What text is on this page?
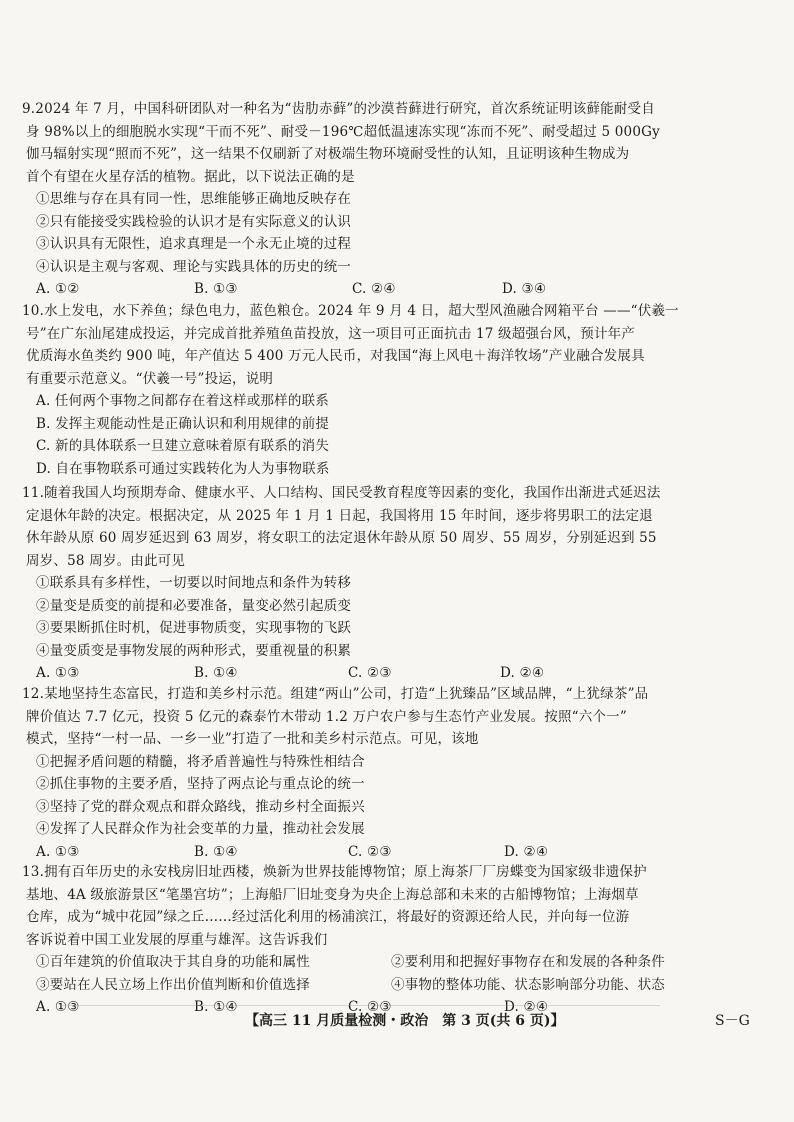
9.2024 年 7 月，中国科研团队对一种名为“齿肋赤藓”的沙漠苔藓进行研究，首次系统证明该藓能耐受自
身 98%以上的细胞脱水实现“干而不死”、耐受－196℃超低温速冻实现“冻而不死”、耐受超过 5 000Gy
伽马辐射实现“照而不死”，这一结果不仅刷新了对极端生物环境耐受性的认知，且证明该种生物成为
首个有望在火星存活的植物。据此，以下说法正确的是
①思维与存在具有同一性，思维能够正确地反映存在
②只有能接受实践检验的认识才是有实际意义的认识
③认识具有无限性，追求真理是一个永无止境的过程
④认识是主观与客观、理论与实践具体的历史的统一
A. ①②	B. ①③	C. ②④	D. ③④
10.水上发电，水下养鱼；绿色电力，蓝色粮仓。2024 年 9 月 4 日，超大型风渔融合网箱平台 ——“伏羲一
号”在广东汕尾建成投运，并完成首批养殖鱼苗投放，这一项目可正面抗击 17 级超强台风，预计年产
优质海水鱼类约 900 吨，年产值达 5 400 万元人民币，对我国“海上风电＋海洋牧场”产业融合发展具
有重要示范意义。“伏羲一号”投运，说明
A. 任何两个事物之间都存在着这样或那样的联系
B. 发挥主观能动性是正确认识和利用规律的前提
C. 新的具体联系一旦建立意味着原有联系的消失
D. 自在事物联系可通过实践转化为人为事物联系
11.随着我国人均预期寿命、健康水平、人口结构、国民受教育程度等因素的变化，我国作出渐进式延迟法
定退休年龄的决定。根据决定，从 2025 年 1 月 1 日起，我国将用 15 年时间，逐步将男职工的法定退
休年龄从原 60 周岁延迟到 63 周岁，将女职工的法定退休年龄从原 50 周岁、55 周岁，分别延迟到 55
周岁、58 周岁。由此可见
①联系具有多样性，一切要以时间地点和条件为转移
②量变是质变的前提和必要准备，量变必然引起质变
③要果断抓住时机，促进事物质变，实现事物的飞跃
④量变质变是事物发展的两种形式，要重视量的积累
A. ①③	B. ①④	C. ②③	D. ②④
12.某地坚持生态富民，打造和美乡村示范。组建“两山”公司，打造“上犹臻品”区域品牌，“上犹绿茶”品
牌价值达 7.7 亿元，投资 5 亿元的森泰竹木带动 1.2 万户农户参与生态竹产业发展。按照“六个一”
模式，坚持“一村一品、一乡一业”打造了一批和美乡村示范点。可见，该地
①把握矛盾问题的精髓，将矛盾普遍性与特殊性相结合
②抓住事物的主要矛盾，坚持了两点论与重点论的统一
③坚持了党的群众观点和群众路线，推动乡村全面振兴
④发挥了人民群众作为社会变革的力量，推动社会发展
A. ①③	B. ①④	C. ②③	D. ②④
13.拥有百年历史的永安栈房旧址西楼，焕新为世界技能博物馆；原上海茶厂厂房蝶变为国家级非遗保护
基地、4A 级旅游景区“笔墨宫坊”；上海船厂旧址变身为央企上海总部和未来的古船博物馆；上海烟草
仓库，成为“城中花园”绿之丘……经过活化利用的杨浦滨江，将最好的资源还给人民，并向每一位游
客诉说着中国工业发展的厚重与雄浑。这告诉我们
①百年建筑的价值取决于其自身的功能和属性	②要利用和把握好事物存在和发展的各种条件
③要站在人民立场上作出价值判断和价值选择	④事物的整体功能、状态影响部分功能、状态
A. ①③	B. ①④	C. ②③	D. ②④
【高三 11 月质量检测・政治　第 3 页(共 6 页)】	S－G
